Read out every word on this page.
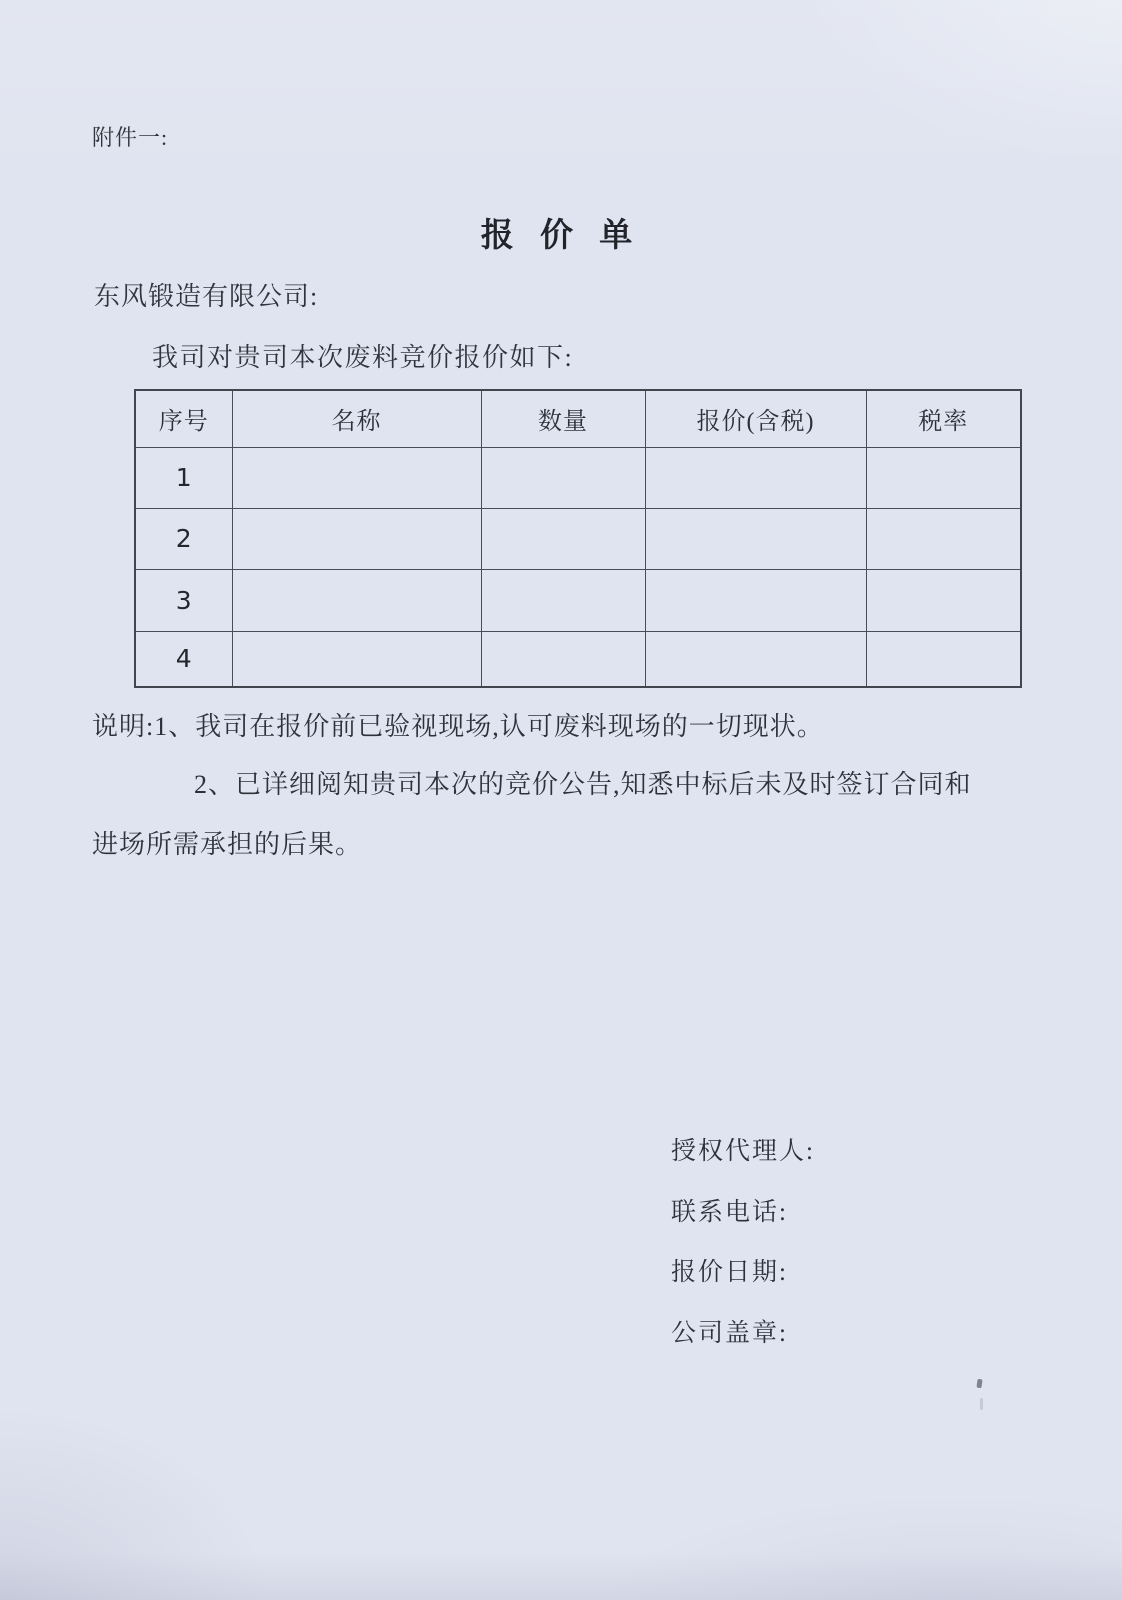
附件一:
报 价 单
东风锻造有限公司:
我司对贵司本次废料竞价报价如下:
序号	名称	数量	报价(含税)	税率
1				
2				
3				
4				
说明:1、我司在报价前已验视现场,认可废料现场的一切现状。
2、已详细阅知贵司本次的竞价公告,知悉中标后未及时签订合同和
进场所需承担的后果。
授权代理人:
联系电话:
报价日期:
公司盖章:
